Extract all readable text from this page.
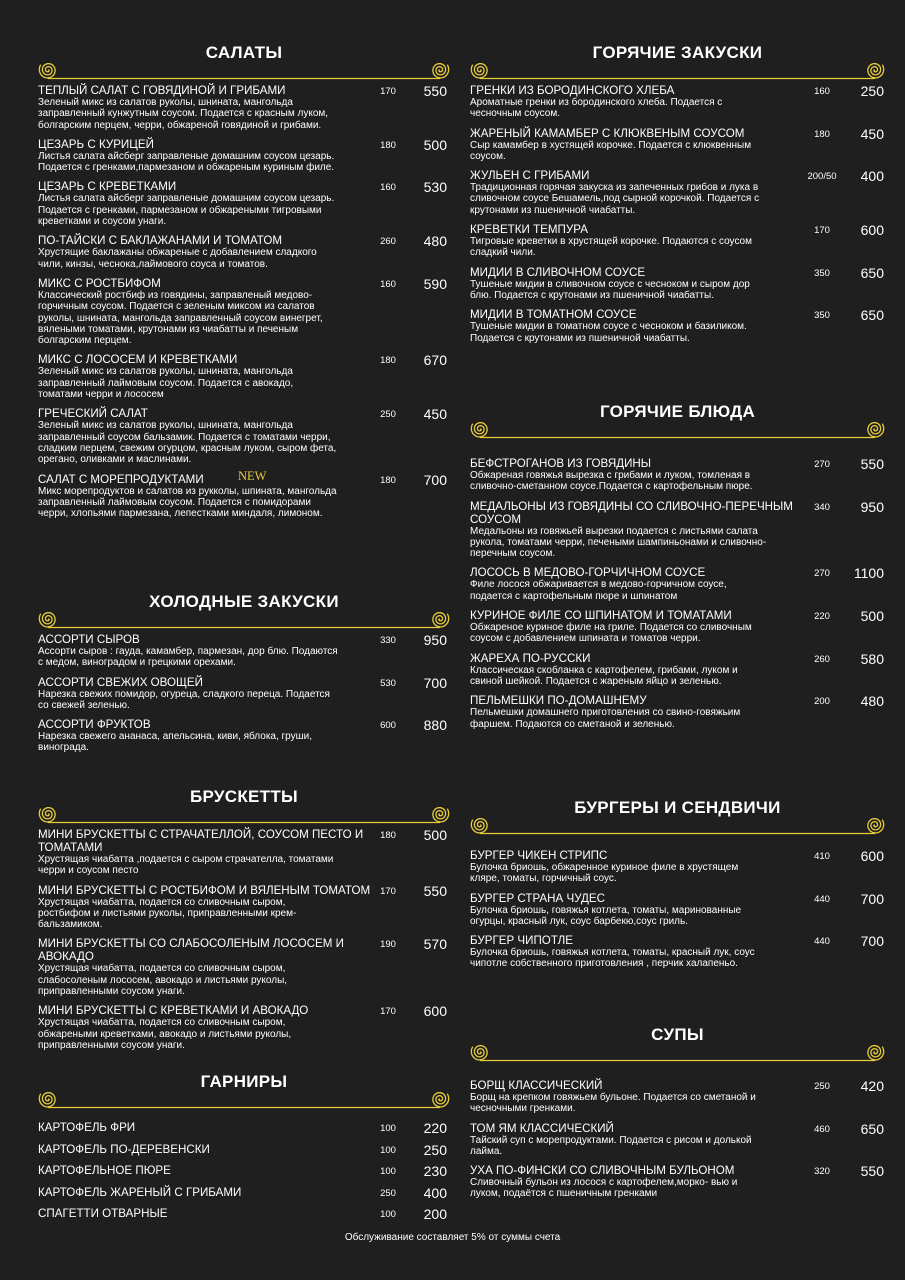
САЛАТЫ
ТЕПЛЫЙ САЛАТ С ГОВЯДИНОЙ И ГРИБАМИ
Зеленый микс из салатов руколы, шнината, мангольда заправленный кунжутным соусом. Подается с красным луком, болгарским перцем, черри, обжареной говядиной и грибами.
170	550
ЦЕЗАРЬ С КУРИЦЕЙ
Листья салата айсберг заправленые домашним соусом цезарь. Подается с гренками,пармезаном и обжареным куриным филе.
180	500
ЦЕЗАРЬ С КРЕВЕТКАМИ
Листья салата айсберг заправленые домашним соусом цезарь. Подается с гренками, пармезаном и обжареными тигровыми креветками и соусом унаги.
160	530
ПО-ТАЙСКИ С БАКЛАЖАНАМИ И ТОМАТОМ
Хрустящие баклажаны обжареные с добавлением сладкого чили, кинзы, чеснока,лаймового соуса и томатов.
260	480
МИКС С РОСТБИФОМ
Классический ростбиф из говядины, заправленый медово-горчичным соусом. Подается с зеленым миксом из салатов руколы, шнината, мангольда заправленный соусом винегрет, вялеными томатами, крутонами из чиабатты и печеным болгарским перцем.
160	590
МИКС С ЛОСОСЕМ И КРЕВЕТКАМИ
Зеленый микс из салатов руколы, шнината, мангольда заправленный лаймовым соусом. Подается с авокадо, томатами черри и лососем
180	670
ГРЕЧЕСКИЙ САЛАТ
Зеленый микс из салатов руколы, шнината, мангольда заправленный соусом бальзамик. Подается с томатами черри, сладким перцем, свежим огурцом, красным луком, сыром фета, орегано, оливками и маслинами.
250	450
САЛАТ С МОРЕПРОДУКТАМИ
Микс морепродуктов и салатов из рукколы, шпината, мангольда заправленный лаймовым соусом. Подается с помидорами черри, хлопьями пармезана, лепестками миндаля, лимоном.
180	700
NEW
ХОЛОДНЫЕ ЗАКУСКИ
АССОРТИ СЫРОВ
Ассорти сыров : гауда, камамбер, пармезан, дор блю. Подаются с медом, виноградом и грецкими орехами.
330	950
АССОРТИ СВЕЖИХ ОВОЩЕЙ
Нарезка свежих помидор, огуреца, сладкого перeца. Подается со свежей зеленью.
530	700
АССОРТИ ФРУКТОВ
Нарезка свежего ананаса, апельсина, киви, яблока, груши, винограда.
600	880
БРУСКЕТТЫ
МИНИ БРУСКЕТТЫ С СТРАЧАТЕЛЛОЙ, СОУСОМ ПЕСТО И ТОМАТАМИ
Хрустящая чиабатта ,подается с сыром страчателла, томатами черри и соусом песто
180	500
МИНИ БРУСКЕТТЫ С РОСТБИФОМ И ВЯЛЕНЫМ ТОМАТОМ
Хрустящая чиабатта, подается со сливочным сыром, ростбифом и листьями руколы, приправленными крем-бальзамиком.
170	550
МИНИ БРУСКЕТТЫ СО СЛАБОСОЛЕНЫМ ЛОСОСЕМ И АВОКАДО
Хрустящая чиабатта, подается со сливочным сыром, слабосоленым лососем, авокадо и листьями руколы, приправленными соусом унаги.
190	570
МИНИ БРУСКЕТТЫ С КРЕВЕТКАМИ И АВОКАДО
Хрустящая чиабатта, подается со сливочным сыром, обжареными креветками, авокадо и листьями руколы, приправленными соусом унаги.
170	600
ГАРНИРЫ
КАРТОФЕЛЬ ФРИ	100	220
КАРТОФЕЛЬ ПО-ДЕРЕВЕНСКИ	100	250
КАРТОФЕЛЬНОЕ ПЮРЕ	100	230
КАРТОФЕЛЬ ЖАРЕНЫЙ С ГРИБАМИ	250	400
СПАГЕТТИ ОТВАРНЫЕ	100	200
ГОРЯЧИЕ ЗАКУСКИ
ГРЕНКИ ИЗ БОРОДИНСКОГО ХЛЕБА
Ароматные гренки из бородинского хлеба. Подается с чесночным соусом.
160	250
ЖАРЕНЫЙ КАМАМБЕР С КЛЮКВЕНЫМ СОУСОМ
Сыр камамбер в хустящей корочке. Подается с клюквенным соусом.
180	450
ЖУЛЬЕН С ГРИБАМИ
Традиционная горячая закуска из запеченных грибов и лука в сливочном соусе Бешамель,под сырной корочкой. Подается с крутонами из пшеничной чиабатты.
200/50	400
КРЕВЕТКИ ТЕМПУРА
Тигровые креветки в хрустящей корочке. Подаются с соусом сладкий чили.
170	600
МИДИИ В СЛИВОЧНОМ СОУСЕ
Тушеные мидии в сливочном соусе с чесноком и сыром дор блю. Подается с крутонами из пшеничной чиабатты.
350	650
МИДИИ В ТОМАТНОМ СОУСЕ
Тушеные мидии в томатном соусе с чесноком и базиликом. Подается с крутонами из пшеничной чиабатты.
350	650
ГОРЯЧИЕ БЛЮДА
БЕФСТРОГАНОВ ИЗ ГОВЯДИНЫ
Обжареная говяжья вырезка с грибами и луком, томленая в сливочно-сметанном соусе.Подается с картофельным пюре.
270	550
МЕДАЛЬОНЫ ИЗ ГОВЯДИНЫ СО СЛИВОЧНО-ПЕРЕЧНЫМ СОУСОМ
Медальоны из говяжьей вырезки подается с листьями салата рукола, томатами черри, печеными шампиньонами и сливочно-перечным соусом.
340	950
ЛОСОСЬ В МЕДОВО-ГОРЧИЧНОМ СОУСЕ
Филе лосося обжаривается в медово-горчичном соусе, подается с картофельным пюре и шпинатом
270	1100
КУРИНОЕ ФИЛЕ СО ШПИНАТОМ И ТОМАТАМИ
Обжареное куриное филе на гриле. Подается со сливочным соусом с добавлением шпината и томатов черри.
220	500
ЖАРЕХА ПО-РУССКИ
Классическая скобланка с картофелем, грибами, луком и свиной шейкой. Подается с жареным яйцо и зеленью.
260	580
ПЕЛЬМЕШКИ ПО-ДОМАШНЕМУ
Пельмешки домашнего приготовления со свино-говяжьим фаршем. Подаются со сметаной и зеленью.
200	480
БУРГЕРЫ И СЕНДВИЧИ
БУРГЕР ЧИКЕН СТРИПС
Булочка бриошь, обжаренное куриное филе в хрустящем кляре, томаты, горчичный соус.
410	600
БУРГЕР СТРАНА ЧУДЕС
Булочка бриошь, говяжья котлета, томаты, маринованные огурцы, красный лук, соус барбекю,соус гриль.
440	700
БУРГЕР ЧИПОТЛЕ
Булочка бриошь, говяжья котлета, томаты, красный лук, соус чипотле собственного приготовления , перчик халапеньо.
440	700
СУПЫ
БОРЩ КЛАССИЧЕСКИЙ
Борщ на крепком говяжьем бульоне. Подается со сметаной и чесночными гренками.
250	420
ТОМ ЯМ КЛАССИЧЕСКИЙ
Тайский суп с морепродуктами. Подается с рисом и долькой лайма.
460	650
УХА ПО-ФИНСКИ СО СЛИВОЧНЫМ БУЛЬОНОМ
Сливочный бульон из лосося с картофелем,морко- вью и луком, подаётся с пшеничным гренками
320	550
Обслуживание составляет 5% от суммы счета
